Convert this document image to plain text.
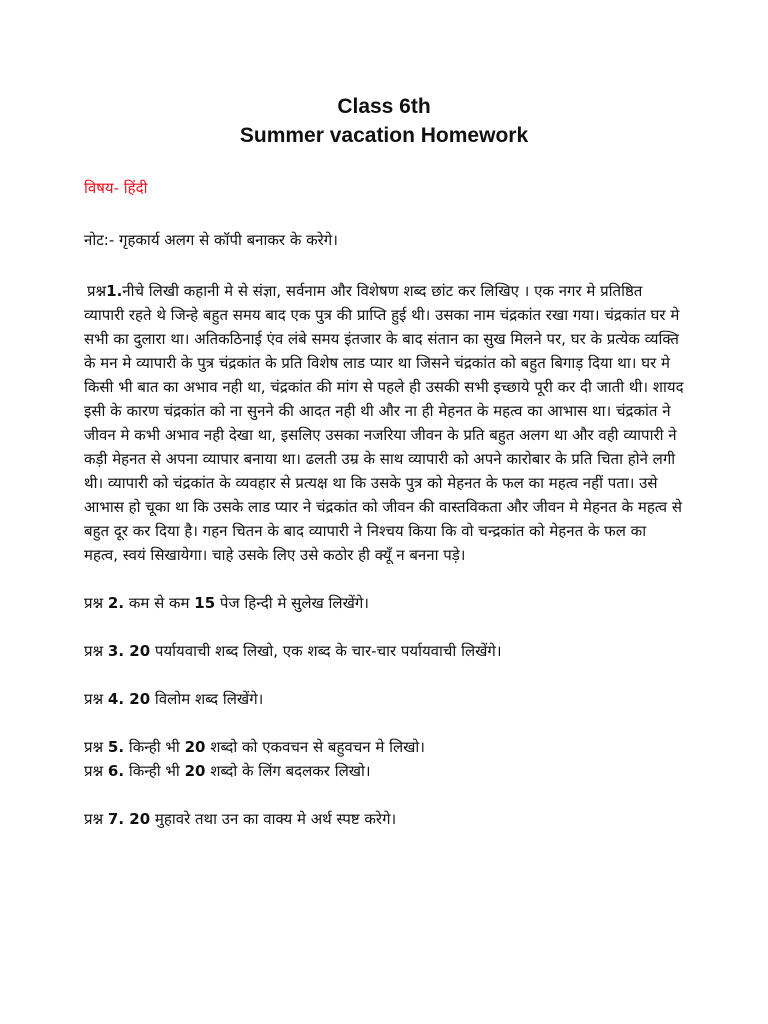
Class 6th
Summer vacation Homework
विषय- हिंदी
नोट:- गृहकार्य अलग से कॉपी बनाकर के करेगे।
प्रश्न1.नीचे लिखी कहानी मे से संज्ञा, सर्वनाम और विशेषण शब्द छांट कर लिखिए । एक नगर मे प्रतिष्ठित व्यापारी रहते थे जिन्हे बहुत समय बाद एक पुत्र की प्राप्ति हुई थी। उसका नाम चंद्रकांत रखा गया। चंद्रकांत घर मे सभी का दुलारा था। अतिकठिनाई एंव लंबे समय इंतजार के बाद संतान का सुख मिलने पर, घर के प्रत्येक व्यक्ति के मन मे व्यापारी के पुत्र चंद्रकांत के प्रति विशेष लाड प्यार था जिसने चंद्रकांत को बहुत बिगाड़ दिया था। घर मे किसी भी बात का अभाव नही था, चंद्रकांत की मांग से पहले ही उसकी सभी इच्छाये पूरी कर दी जाती थी। शायद इसी के कारण चंद्रकांत को ना सुनने की आदत नही थी और ना ही मेहनत के महत्व का आभास था। चंद्रकांत ने जीवन मे कभी अभाव नही देखा था, इसलिए उसका नजरिया जीवन के प्रति बहुत अलग था और वही व्यापारी ने कड़ी मेहनत से अपना व्यापार बनाया था। ढलती उम्र के साथ व्यापारी को अपने कारोबार के प्रति चिता होने लगी थी। व्यापारी को चंद्रकांत के व्यवहार से प्रत्यक्ष था कि उसके पुत्र को मेहनत के फल का महत्व नहीं पता। उसे आभास हो चूका था कि उसके लाड प्यार ने चंद्रकांत को जीवन की वास्तविकता और जीवन मे मेहनत के महत्व से बहुत दूर कर दिया है। गहन चितन के बाद व्यापारी ने निश्चय किया कि वो चन्द्रकांत को मेहनत के फल का महत्व, स्वयं सिखायेगा। चाहे उसके लिए उसे कठोर ही क्यूँ न बनना पड़े।
प्रश्न 2. कम से कम 15 पेज हिन्दी मे सुलेख लिखेंगे।
प्रश्न 3. 20 पर्यायवाची शब्द लिखो, एक शब्द के चार-चार पर्यायवाची लिखेंगे।
प्रश्न 4. 20 विलोम शब्द लिखेंगे।
प्रश्न 5. किन्ही भी 20 शब्दो को एकवचन से बहुवचन मे लिखो।
प्रश्न 6. किन्ही भी 20 शब्दो के लिंग बदलकर लिखो।
प्रश्न 7. 20 मुहावरे तथा उन का वाक्य मे अर्थ स्पष्ट करेगे।
